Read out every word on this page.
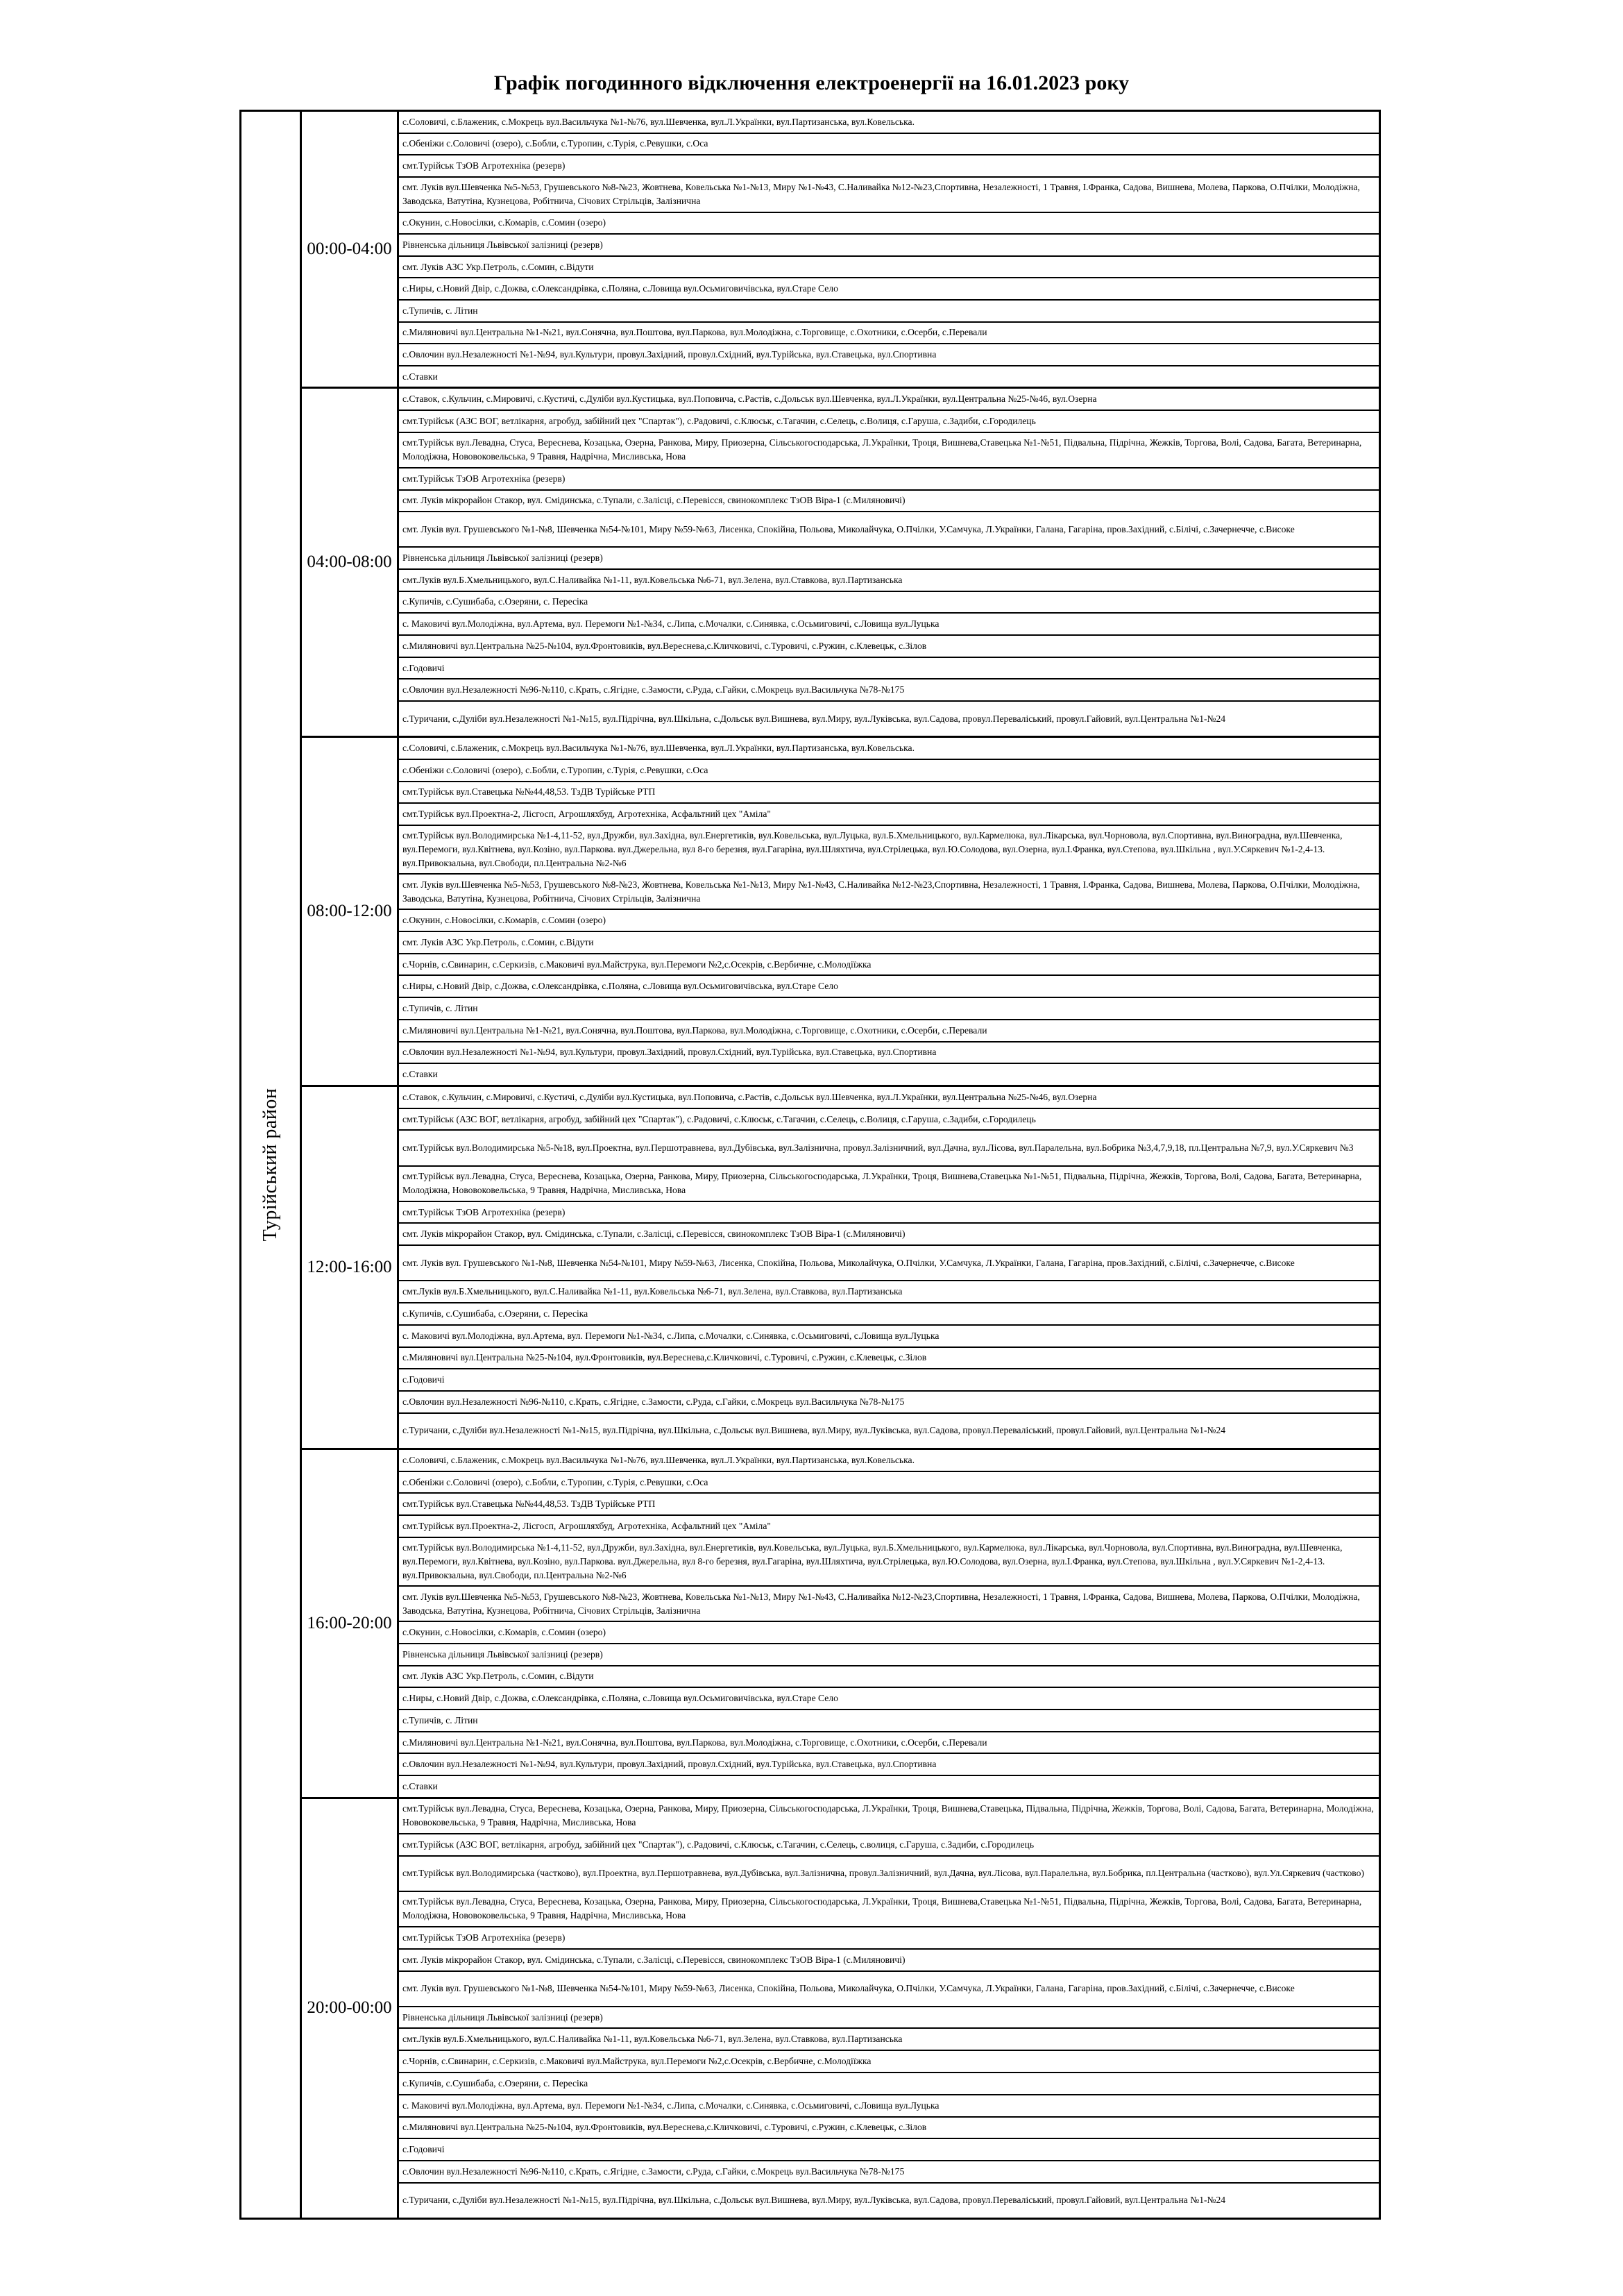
Графік погодинного відключення електроенергії на 16.01.2023 року
Турійський район
00:00-04:00
с.Соловичі, с.Блаженик, с.Мокрець вул.Васильчука №1-№76, вул.Шевченка, вул.Л.Українки, вул.Партизанська, вул.Ковельська.
с.Обеніжи с.Соловичі (озеро), с.Бобли, с.Туропин, с.Турія, с.Ревушки, с.Оса
смт.Турійськ ТзОВ Агротехніка (резерв)
смт. Луків вул.Шевченка №5-№53, Грушевського №8-№23, Жовтнева, Ковельська №1-№13, Миру №1-№43, С.Наливайка №12-№23,Спортивна, Незалежності, 1 Травня, І.Франка, Садова, Вишнева, Молева, Паркова, О.Пчілки, Молодіжна, Заводська, Ватутіна, Кузнецова, Робітнича, Січових Стрільців, Залізнична
с.Окунин, с.Новосілки, с.Комарів, с.Сомин (озеро)
Рівненська дільниця Львівської залізниці (резерв)
смт. Луків АЗС Укр.Петроль, с.Сомин, с.Відути
с.Ниры, с.Новий Двір, с.Дожва, с.Олександрівка, с.Поляна, с.Ловища вул.Осьмиговичівська, вул.Старе Село
с.Тупичів, с. Літин
с.Миляновичі вул.Центральна №1-№21, вул.Сонячна, вул.Поштова, вул.Паркова, вул.Молодіжна, с.Торговище, с.Охотники, с.Осерби, с.Перевали
с.Овлочин вул.Незалежності №1-№94, вул.Культури, провул.Західний, провул.Східний, вул.Турійська, вул.Ставецька, вул.Спортивна
с.Ставки
04:00-08:00
с.Ставок, с.Кульчин, с.Мировичі, с.Кустичі, с.Дуліби вул.Кустицька, вул.Поповича, с.Растів, с.Дольськ вул.Шевченка, вул.Л.Українки, вул.Центральна №25-№46, вул.Озерна
смт.Турійськ (АЗС ВОГ, ветлікарня, агробуд, забійний цех "Спартак"), с.Радовичі, с.Клюськ, с.Тагачин, с.Селець, с.Волиця, с.Гаруша, с.Задиби, с.Городилець
смт.Турійськ вул.Левадна, Стуса, Вереснева, Козацька, Озерна, Ранкова, Миру, Приозерна, Сільськогосподарська, Л.Українки, Троця, Вишнева,Ставецька №1-№51, Підвальна, Підрічна, Жежків, Торгова, Волі, Садова, Багата, Ветеринарна, Молодіжна, Нововоковельська, 9 Травня, Надрічна, Мисливська, Нова
смт.Турійськ ТзОВ Агротехніка (резерв)
смт. Луків мікрорайон Стакор, вул. Смідинська, с.Тупали, с.Залісці, с.Перевісся, свинокомплекс ТзОВ Віра-1 (с.Миляновичі)
смт. Луків вул. Грушевського №1-№8, Шевченка №54-№101, Миру №59-№63, Лисенка, Спокійна, Польова, Миколайчука, О.Пчілки, У.Самчука, Л.Українки, Галана, Гагаріна, пров.Західний, с.Білічі, с.Зачернечче, с.Високе
Рівненська дільниця Львівської залізниці (резерв)
смт.Луків вул.Б.Хмельницького, вул.С.Наливайка №1-11, вул.Ковельська №6-71, вул.Зелена, вул.Ставкова, вул.Партизанська
с.Купичів, с.Сушибаба, с.Озеряни, с. Пересіка
с. Маковичі вул.Молодіжна, вул.Артема, вул. Перемоги №1-№34, с.Липа, с.Мочалки, с.Синявка, с.Осьмиговичі, с.Ловища вул.Луцька
с.Миляновичі вул.Центральна №25-№104, вул.Фронтовиків, вул.Вереснева,с.Кличковичі, с.Туровичі, с.Ружин, с.Клевецьк, с.Зілов
с.Годовичі
с.Овлочин вул.Незалежності №96-№110, с.Крать, с.Ягідне, с.Замости, с.Руда, с.Гайки, с.Мокрець вул.Васильчука №78-№175
с.Туричани, с.Дуліби вул.Незалежності №1-№15, вул.Підрічна, вул.Шкільна, с.Дольськ вул.Вишнева, вул.Миру, вул.Луківська, вул.Садова, провул.Переваліський, провул.Гайовий, вул.Центральна №1-№24
08:00-12:00
с.Соловичі, с.Блаженик, с.Мокрець вул.Васильчука №1-№76, вул.Шевченка, вул.Л.Українки, вул.Партизанська, вул.Ковельська.
с.Обеніжи с.Соловичі (озеро), с.Бобли, с.Туропин, с.Турія, с.Ревушки, с.Оса
смт.Турійськ вул.Ставецька №№44,48,53. ТзДВ Турійське РТП
смт.Турійськ вул.Проектна-2, Лісгосп, Агрошляхбуд, Агротехніка, Асфальтний цех "Аміла"
смт.Турійськ вул.Володимирська №1-4,11-52, вул.Дружби, вул.Західна, вул.Енергетиків, вул.Ковельська, вул.Луцька, вул.Б.Хмельницького, вул.Кармелюка, вул.Лікарська, вул.Чорновола, вул.Спортивна, вул.Виноградна, вул.Шевченка, вул.Перемоги, вул.Квітнева, вул.Козіно, вул.Паркова. вул.Джерельна, вул 8-го березня, вул.Гагаріна, вул.Шляхтича, вул.Стрілецька, вул.Ю.Солодова, вул.Озерна, вул.І.Франка, вул.Степова, вул.Шкільна , вул.У.Сяркевич №1-2,4-13. вул.Привокзальна, вул.Свободи, пл.Центральна №2-№6
смт. Луків вул.Шевченка №5-№53, Грушевського №8-№23, Жовтнева, Ковельська №1-№13, Миру №1-№43, С.Наливайка №12-№23,Спортивна, Незалежності, 1 Травня, І.Франка, Садова, Вишнева, Молева, Паркова, О.Пчілки, Молодіжна, Заводська, Ватутіна, Кузнецова, Робітнича, Січових Стрільців, Залізнична
с.Окунин, с.Новосілки, с.Комарів, с.Сомин (озеро)
смт. Луків АЗС Укр.Петроль, с.Сомин, с.Відути
с.Чорнів, с.Свинарин, с.Серкизів, с.Маковичі вул.Майструка, вул.Перемоги №2,с.Осекрів, с.Вербичне, с.Молодіїжка
с.Ниры, с.Новий Двір, с.Дожва, с.Олександрівка, с.Поляна, с.Ловища вул.Осьмиговичівська, вул.Старе Село
с.Тупичів, с. Літин
с.Миляновичі вул.Центральна №1-№21, вул.Сонячна, вул.Поштова, вул.Паркова, вул.Молодіжна, с.Торговище, с.Охотники, с.Осерби, с.Перевали
с.Овлочин вул.Незалежності №1-№94, вул.Культури, провул.Західний, провул.Східний, вул.Турійська, вул.Ставецька, вул.Спортивна
с.Ставки
12:00-16:00
с.Ставок, с.Кульчин, с.Мировичі, с.Кустичі, с.Дуліби вул.Кустицька, вул.Поповича, с.Растів, с.Дольськ вул.Шевченка, вул.Л.Українки, вул.Центральна №25-№46, вул.Озерна
смт.Турійськ (АЗС ВОГ, ветлікарня, агробуд, забійний цех "Спартак"), с.Радовичі, с.Клюськ, с.Тагачин, с.Селець, с.Волиця, с.Гаруша, с.Задиби, с.Городилець
смт.Турійськ вул.Володимирська №5-№18, вул.Проектна, вул.Першотравнева, вул.Дубівська, вул.Залізнична, провул.Залізничний, вул.Дачна, вул.Лісова, вул.Паралельна, вул.Бобрика №3,4,7,9,18, пл.Центральна №7,9, вул.У.Сяркевич №3
смт.Турійськ вул.Левадна, Стуса, Вереснева, Козацька, Озерна, Ранкова, Миру, Приозерна, Сільськогосподарська, Л.Українки, Троця, Вишнева,Ставецька №1-№51, Підвальна, Підрічна, Жежків, Торгова, Волі, Садова, Багата, Ветеринарна, Молодіжна, Нововоковельська, 9 Травня, Надрічна, Мисливська, Нова
смт.Турійськ ТзОВ Агротехніка (резерв)
смт. Луків мікрорайон Стакор, вул. Смідинська, с.Тупали, с.Залісці, с.Перевісся, свинокомплекс ТзОВ Віра-1 (с.Миляновичі)
смт. Луків вул. Грушевського №1-№8, Шевченка №54-№101, Миру №59-№63, Лисенка, Спокійна, Польова, Миколайчука, О.Пчілки, У.Самчука, Л.Українки, Галана, Гагаріна, пров.Західний, с.Білічі, с.Зачернечче, с.Високе
смт.Луків вул.Б.Хмельницького, вул.С.Наливайка №1-11, вул.Ковельська №6-71, вул.Зелена, вул.Ставкова, вул.Партизанська
с.Купичів, с.Сушибаба, с.Озеряни, с. Пересіка
с. Маковичі вул.Молодіжна, вул.Артема, вул. Перемоги №1-№34, с.Липа, с.Мочалки, с.Синявка, с.Осьмиговичі, с.Ловища вул.Луцька
с.Миляновичі вул.Центральна №25-№104, вул.Фронтовиків, вул.Вереснева,с.Кличковичі, с.Туровичі, с.Ружин, с.Клевецьк, с.Зілов
с.Годовичі
с.Овлочин вул.Незалежності №96-№110, с.Крать, с.Ягідне, с.Замости, с.Руда, с.Гайки, с.Мокрець вул.Васильчука №78-№175
с.Туричани, с.Дуліби вул.Незалежності №1-№15, вул.Підрічна, вул.Шкільна, с.Дольськ вул.Вишнева, вул.Миру, вул.Луківська, вул.Садова, провул.Переваліський, провул.Гайовий, вул.Центральна №1-№24
16:00-20:00
с.Соловичі, с.Блаженик, с.Мокрець вул.Васильчука №1-№76, вул.Шевченка, вул.Л.Українки, вул.Партизанська, вул.Ковельська.
с.Обеніжи с.Соловичі (озеро), с.Бобли, с.Туропин, с.Турія, с.Ревушки, с.Оса
смт.Турійськ вул.Ставецька №№44,48,53. ТзДВ Турійське РТП
смт.Турійськ вул.Проектна-2, Лісгосп, Агрошляхбуд, Агротехніка, Асфальтний цех "Аміла"
смт.Турійськ вул.Володимирська №1-4,11-52, вул.Дружби, вул.Західна, вул.Енергетиків, вул.Ковельська, вул.Луцька, вул.Б.Хмельницького, вул.Кармелюка, вул.Лікарська, вул.Чорновола, вул.Спортивна, вул.Виноградна, вул.Шевченка, вул.Перемоги, вул.Квітнева, вул.Козіно, вул.Паркова. вул.Джерельна, вул 8-го березня, вул.Гагаріна, вул.Шляхтича, вул.Стрілецька, вул.Ю.Солодова, вул.Озерна, вул.І.Франка, вул.Степова, вул.Шкільна , вул.У.Сяркевич №1-2,4-13. вул.Привокзальна, вул.Свободи, пл.Центральна №2-№6
смт. Луків вул.Шевченка №5-№53, Грушевського №8-№23, Жовтнева, Ковельська №1-№13, Миру №1-№43, С.Наливайка №12-№23,Спортивна, Незалежності, 1 Травня, І.Франка, Садова, Вишнева, Молева, Паркова, О.Пчілки, Молодіжна, Заводська, Ватутіна, Кузнецова, Робітнича, Січових Стрільців, Залізнична
с.Окунин, с.Новосілки, с.Комарів, с.Сомин (озеро)
Рівненська дільниця Львівської залізниці (резерв)
смт. Луків АЗС Укр.Петроль, с.Сомин, с.Відути
с.Ниры, с.Новий Двір, с.Дожва, с.Олександрівка, с.Поляна, с.Ловища вул.Осьмиговичівська, вул.Старе Село
с.Тупичів, с. Літин
с.Миляновичі вул.Центральна №1-№21, вул.Сонячна, вул.Поштова, вул.Паркова, вул.Молодіжна, с.Торговище, с.Охотники, с.Осерби, с.Перевали
с.Овлочин вул.Незалежності №1-№94, вул.Культури, провул.Західний, провул.Східний, вул.Турійська, вул.Ставецька, вул.Спортивна
с.Ставки
20:00-00:00
смт.Турійськ вул.Левадна, Стуса, Вереснева, Козацька, Озерна, Ранкова, Миру, Приозерна, Сільськогосподарська, Л.Українки, Троця, Вишнева,Ставецька, Підвальна, Підрічна, Жежків, Торгова, Волі, Садова, Багата, Ветеринарна, Молодіжна, Нововоковельська, 9 Травня, Надрічна, Мисливська, Нова
смт.Турійськ (АЗС ВОГ, ветлікарня, агробуд, забійний цех "Спартак"), с.Радовичі, с.Клюськ, с.Тагачин, с.Селець, с.волиця, с.Гаруша, с.Задиби, с.Городилець
смт.Турійськ вул.Володимирська (частково), вул.Проектна, вул.Першотравнева, вул.Дубівська, вул.Залізнична, провул.Залізничний, вул.Дачна, вул.Лісова, вул.Паралельна, вул.Бобрика, пл.Центральна (частково), вул.Ул.Сяркевич (частково)
смт.Турійськ вул.Левадна, Стуса, Вереснева, Козацька, Озерна, Ранкова, Миру, Приозерна, Сільськогосподарська, Л.Українки, Троця, Вишнева,Ставецька №1-№51, Підвальна, Підрічна, Жежків, Торгова, Волі, Садова, Багата, Ветеринарна, Молодіжна, Нововоковельська, 9 Травня, Надрічна, Мисливська, Нова
смт.Турійськ ТзОВ Агротехніка (резерв)
смт. Луків мікрорайон Стакор, вул. Смідинська, с.Тупали, с.Залісці, с.Перевісся, свинокомплекс ТзОВ Віра-1 (с.Миляновичі)
смт. Луків вул. Грушевського №1-№8, Шевченка №54-№101, Миру №59-№63, Лисенка, Спокійна, Польова, Миколайчука, О.Пчілки, У.Самчука, Л.Українки, Галана, Гагаріна, пров.Західний, с.Білічі, с.Зачернечче, с.Високе
Рівненська дільниця Львівської залізниці (резерв)
смт.Луків вул.Б.Хмельницького, вул.С.Наливайка №1-11, вул.Ковельська №6-71, вул.Зелена, вул.Ставкова, вул.Партизанська
с.Чорнів, с.Свинарин, с.Серкизів, с.Маковичі вул.Майструка, вул.Перемоги №2,с.Осекрів, с.Вербичне, с.Молодіїжка
с.Купичів, с.Сушибаба, с.Озеряни, с. Пересіка
с. Маковичі вул.Молодіжна, вул.Артема, вул. Перемоги №1-№34, с.Липа, с.Мочалки, с.Синявка, с.Осьмиговичі, с.Ловища вул.Луцька
с.Миляновичі вул.Центральна №25-№104, вул.Фронтовиків, вул.Вереснева,с.Кличковичі, с.Туровичі, с.Ружин, с.Клевецьк, с.Зілов
с.Годовичі
с.Овлочин вул.Незалежності №96-№110, с.Крать, с.Ягідне, с.Замости, с.Руда, с.Гайки, с.Мокрець вул.Васильчука №78-№175
с.Туричани, с.Дуліби вул.Незалежності №1-№15, вул.Підрічна, вул.Шкільна, с.Дольськ вул.Вишнева, вул.Миру, вул.Луківська, вул.Садова, провул.Переваліський, провул.Гайовий, вул.Центральна №1-№24
